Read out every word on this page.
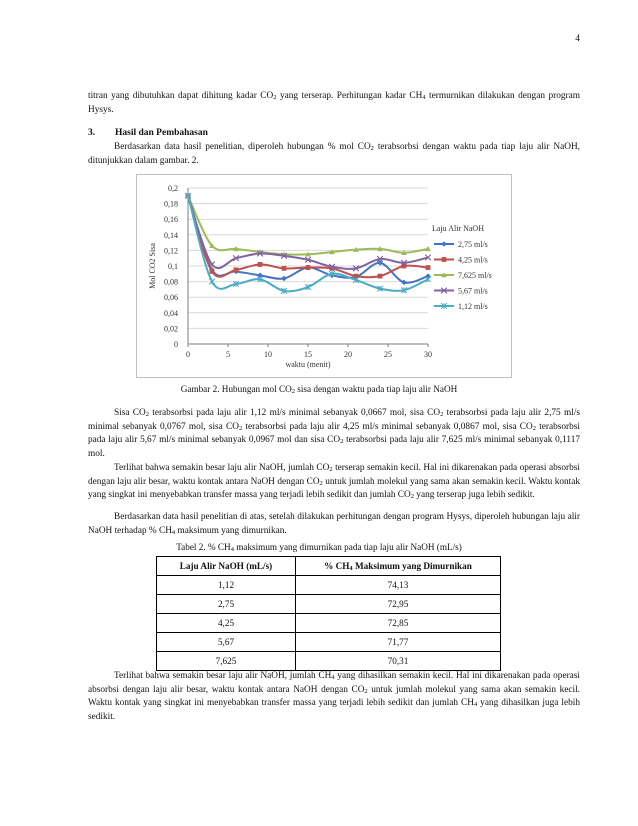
4
titran yang dibutuhkan dapat dihitung kadar $CO_2$ yang terserap. Perhitungan kadar $CH_4$ termurnikan dilakukan dengan program Hysys.
3. Hasil dan Pembahasan
Berdasarkan data hasil penelitian, diperoleh hubungan % mol $CO_2$ terabsorbsi dengan waktu pada tiap laju alir NaOH, ditunjukkan dalam gambar. 2.
0
0,02
0,04
0,06
0,08
0,1
0,12
0,14
0,16
0,18
0,2
0	5	10	15	20	25	30
waktu (menit)
Mol CO2 Sisa
Laju Alir NaOH
2,75 ml/s
4,25 ml/s
7,625 ml/s
5,67 ml/s
1,12 ml/s
Gambar 2. Hubungan mol $CO_2$ sisa dengan waktu pada tiap laju alir NaOH
Sisa $CO_2$ terabsorbsi pada laju alir 1,12 ml/s minimal sebanyak 0,0667 mol, sisa $CO_2$ terabsorbsi pada laju alir 2,75 ml/s minimal sebanyak 0,0767 mol, sisa $CO_2$ terabsorbsi pada laju alir 4,25 ml/s minimal sebanyak 0,0867 mol, sisa $CO_2$ terabsorbsi pada laju alir 5,67 ml/s minimal sebanyak 0,0967 mol dan sisa $CO_2$ terabsorbsi pada laju alir 7,625 ml/s minimal sebanyak 0,1117 mol.
Terlihat bahwa semakin besar laju alir NaOH, jumlah $CO_2$ terserap semakin kecil. Hal ini dikarenakan pada operasi absorbsi dengan laju alir besar, waktu kontak antara NaOH dengan $CO_2$ untuk jumlah molekul yang sama akan semakin kecil. Waktu kontak yang singkat ini menyebabkan transfer massa yang terjadi lebih sedikit dan jumlah $CO_2$ yang terserap juga lebih sedikit.
Berdasarkan data hasil penelitian di atas, setelah dilakukan perhitungan dengan program Hysys, diperoleh hubungan laju alir NaOH terhadap % $CH_4$ maksimum yang dimurnikan.
Tabel 2. % $CH_4$ maksimum yang dimurnikan pada tiap laju alir NaOH (mL/s)
Laju Alir NaOH (mL/s)	% $CH_4$ Maksimum yang Dimurnikan
1,12	74,13
2,75	72,95
4,25	72,85
5,67	71,77
7,625	70,31
Terlihat bahwa semakin besar laju alir NaOH, jumlah $CH_4$ yang dihasilkan semakin kecil. Hal ini dikarenakan pada operasi absorbsi dengan laju alir besar, waktu kontak antara NaOH dengan $CO_2$ untuk jumlah molekul yang sama akan semakin kecil. Waktu kontak yang singkat ini menyebabkan transfer massa yang terjadi lebih sedikit dan jumlah $CH_4$ yang dihasilkan juga lebih sedikit.
